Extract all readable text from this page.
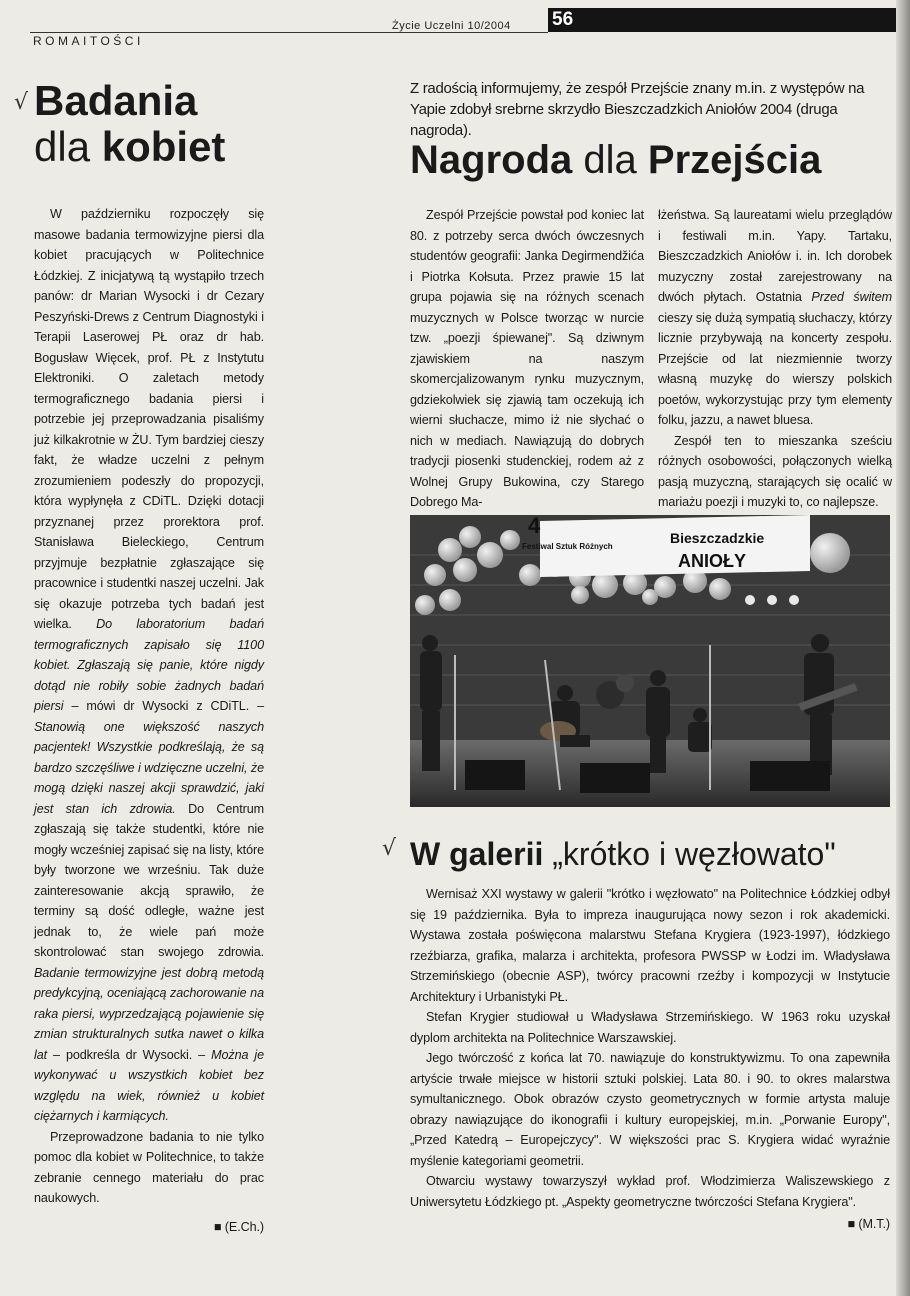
Życie Uczelni 10/2004 56
ROMAITOŚCI
√ Badania
dla kobiet

W październiku rozpoczęły się masowe badania termowizyjne piersi dla kobiet pracujących w Politechnice Łódzkiej. Z inicjatywą tą wystąpiło trzech panów: dr Marian Wysocki i dr Cezary Peszyński-Drews z Centrum Diagnostyki i Terapii Laserowej PŁ oraz dr hab. Bogusław Więcek, prof. PŁ z Instytutu Elektroniki. O zaletach metody termograficznego badania piersi i potrzebie jej przeprowadzania pisaliśmy już kilkakrotnie w ŻU. Tym bardziej cieszy fakt, że władze uczelni z pełnym zrozumieniem podeszły do propozycji, która wypłynęła z CDiTL. Dzięki dotacji przyznanej przez prorektora prof. Stanisława Bieleckiego, Centrum przyjmuje bezpłatnie zgłaszające się pracownice i studentki naszej uczelni. Jak się okazuje potrzeba tych badań jest wielka. Do laboratorium badań termograficznych zapisało się 1100 kobiet. Zgłaszają się panie, które nigdy dotąd nie robiły sobie żadnych badań piersi – mówi dr Wysocki z CDiTL. – Stanowią one większość naszych pacjentek! Wszystkie podkreślają, że są bardzo szczęśliwe i wdzięczne uczelni, że mogą dzięki naszej akcji sprawdzić, jaki jest stan ich zdrowia. Do Centrum zgłaszają się także studentki, które nie mogły wcześniej zapisać się na listy, które były tworzone we wrześniu. Tak duże zainteresowanie akcją sprawiło, że terminy są dość odległe, ważne jest jednak to, że wiele pań może skontrolować stan swojego zdrowia. Badanie termowizyjne jest dobrą metodą predykcyjną, oceniającą zachorowanie na raka piersi, wyprzedzającą pojawienie się zmian strukturalnych sutka nawet o kilka lat – podkreśla dr Wysocki. – Można je wykonywać u wszystkich kobiet bez względu na wiek, również u kobiet ciężarnych i karmiących.

Przeprowadzone badania to nie tylko pomoc dla kobiet w Politechnice, to także zebranie cennego materiału do prac naukowych.

■ (E.Ch.)

Z radością informujemy, że zespół Przejście znany m.in. z występów na Yapie zdobył srebrne skrzydło Bieszczadzkich Aniołów 2004 (druga nagroda).
Nagroda dla Przejścia

Zespół Przejście powstał pod koniec lat 80. z potrzeby serca dwóch ówczesnych studentów geografii: Janka Degirmendžića i Piotrka Kołsuta. Przez prawie 15 lat grupa pojawia się na różnych scenach muzycznych w Polsce tworząc w nurcie tzw. „poezji śpiewanej". Są dziwnym zjawiskiem na naszym skomercjalizowanym rynku muzycznym, gdziekolwiek się zjawią tam oczekują ich wierni słuchacze, mimo iż nie słychać o nich w mediach. Nawiązują do dobrych tradycji piosenki studenckiej, rodem aż z Wolnej Grupy Bukowina, czy Starego Dobrego Ma-

łżeństwa. Są laureatami wielu przeglądów i festiwali m.in. Yapy. Tartaku, Bieszczadzkich Aniołów i. in. Ich dorobek muzyczny został zarejestrowany na dwóch płytach. Ostatnia Przed świtem cieszy się dużą sympatią słuchaczy, którzy licznie przybywają na koncerty zespołu. Przejście od lat niezmiennie tworzy własną muzykę do wierszy polskich poetów, wykorzystując przy tym elementy folku, jazzu, a nawet bluesa.

Zespół ten to mieszanka sześciu różnych osobowości, połączonych wielką pasją muzyczną, starających się ocalić w mariażu poezji i muzyki to, co najlepsze.

4
Festiwal Sztuk Różnych
Bieszczadzkie
ANIOŁY
√ W galerii „krótko i węzłowato"

Wernisaż XXI wystawy w galerii "krótko i węzłowato" na Politechnice Łódzkiej odbył się 19 października. Była to impreza inaugurująca nowy sezon i rok akademicki. Wystawa została poświęcona malarstwu Stefana Krygiera (1923-1997), łódzkiego rzeźbiarza, grafika, malarza i architekta, profesora PWSSP w Łodzi im. Władysława Strzemińskiego (obecnie ASP), twórcy pracowni rzeźby i kompozycji w Instytucie Architektury i Urbanistyki PŁ.

Stefan Krygier studiował u Władysława Strzemińskiego. W 1963 roku uzyskał dyplom architekta na Politechnice Warszawskiej.

Jego twórczość z końca lat 70. nawiązuje do konstruktywizmu. To ona zapewniła artyście trwałe miejsce w historii sztuki polskiej. Lata 80. i 90. to okres malarstwa symultanicznego. Obok obrazów czysto geometrycznych w formie artysta maluje obrazy nawiązujące do ikonografii i kultury europejskiej, m.in. „Porwanie Europy", „Przed Katedrą – Europejczycy". W większości prac S. Krygiera widać wyraźnie myślenie kategoriami geometrii.

Otwarciu wystawy towarzyszył wykład prof. Włodzimierza Waliszewskiego z Uniwersytetu Łódzkiego pt. „Aspekty geometryczne twórczości Stefana Krygiera".

■ (M.T.)
